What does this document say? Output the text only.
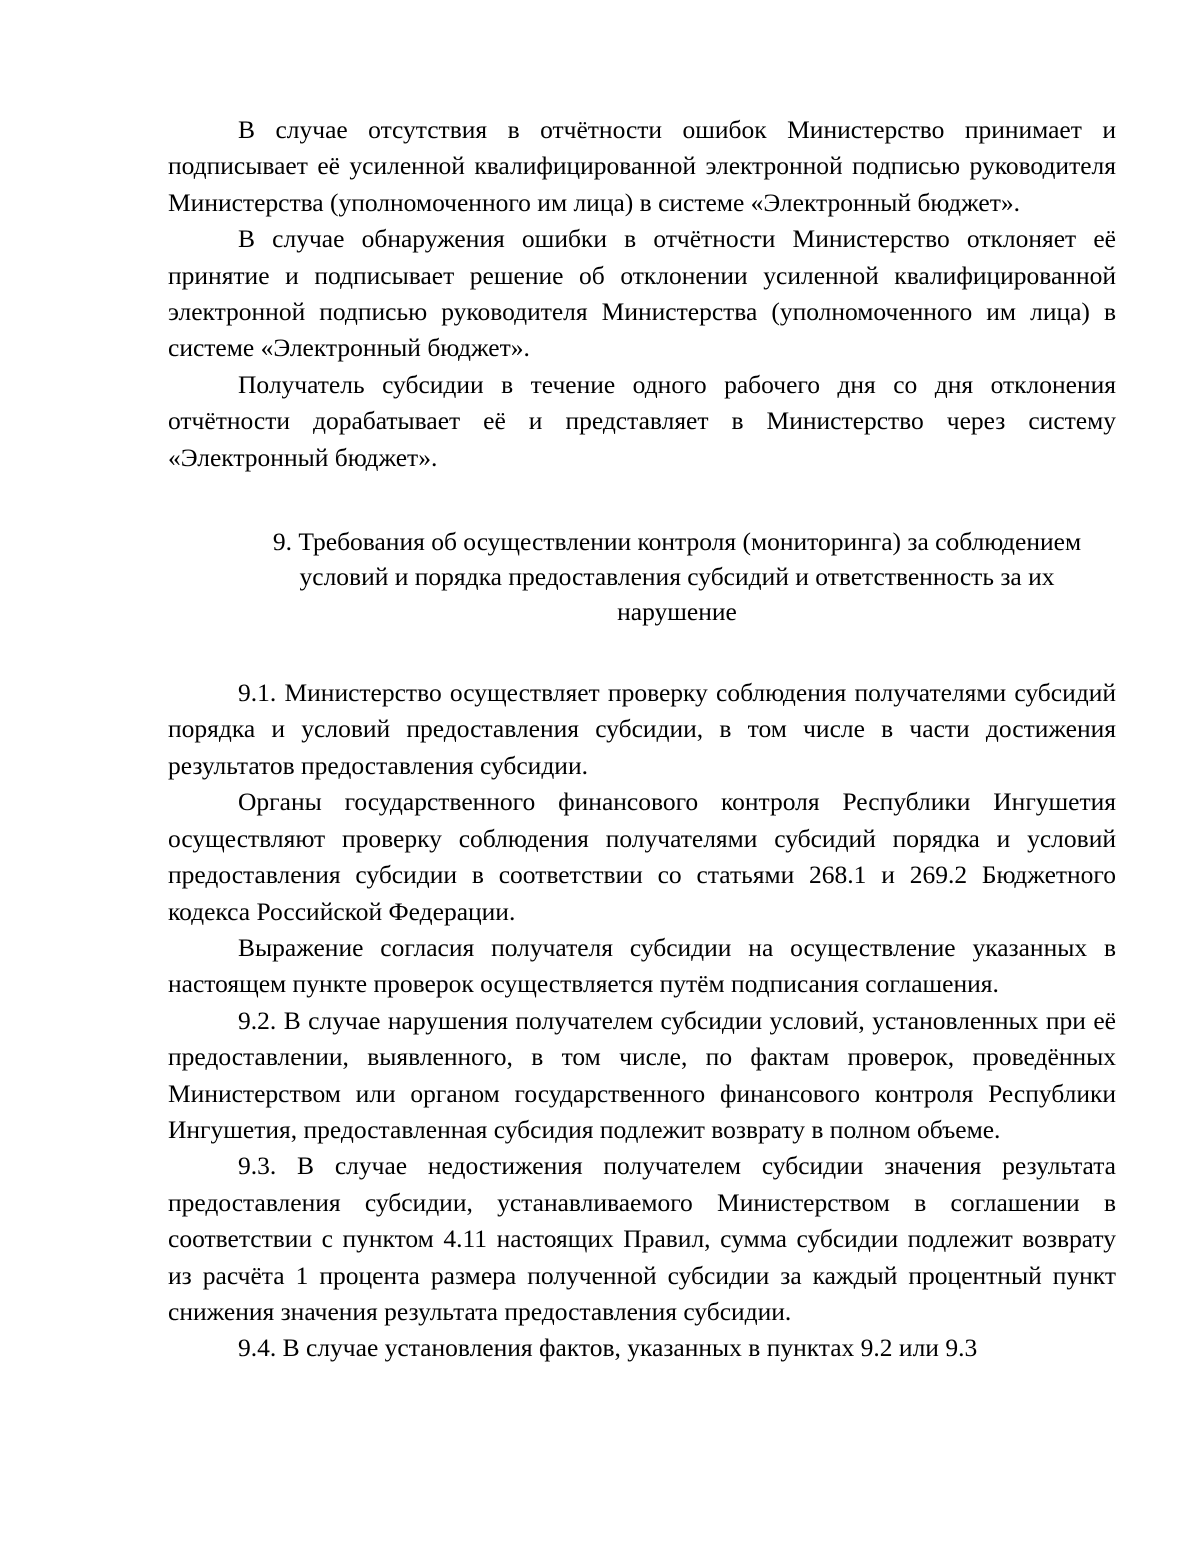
В случае отсутствия в отчётности ошибок Министерство принимает и подписывает её усиленной квалифицированной электронной подписью руководителя Министерства (уполномоченного им лица) в системе «Электронный бюджет».

В случае обнаружения ошибки в отчётности Министерство отклоняет её принятие и подписывает решение об отклонении усиленной квалифицированной электронной подписью руководителя Министерства (уполномоченного им лица) в системе «Электронный бюджет».

Получатель субсидии в течение одного рабочего дня со дня отклонения отчётности дорабатывает её и представляет в Министерство через систему «Электронный бюджет».

9. Требования об осуществлении контроля (мониторинга) за соблюдением условий и порядка предоставления субсидий и ответственность за их нарушение

9.1. Министерство осуществляет проверку соблюдения получателями субсидий порядка и условий предоставления субсидии, в том числе в части достижения результатов предоставления субсидии.

Органы государственного финансового контроля Республики Ингушетия осуществляют проверку соблюдения получателями субсидий порядка и условий предоставления субсидии в соответствии со статьями 268.1 и 269.2 Бюджетного кодекса Российской Федерации.

Выражение согласия получателя субсидии на осуществление указанных в настоящем пункте проверок осуществляется путём подписания соглашения.

9.2. В случае нарушения получателем субсидии условий, установленных при её предоставлении, выявленного, в том числе, по фактам проверок, проведённых Министерством или органом государственного финансового контроля Республики Ингушетия, предоставленная субсидия подлежит возврату в полном объеме.

9.3. В случае недостижения получателем субсидии значения результата предоставления субсидии, устанавливаемого Министерством в соглашении в соответствии с пунктом 4.11 настоящих Правил, сумма субсидии подлежит возврату из расчёта 1 процента размера полученной субсидии за каждый процентный пункт снижения значения результата предоставления субсидии.

9.4. В случае установления фактов, указанных в пунктах 9.2 или 9.3
